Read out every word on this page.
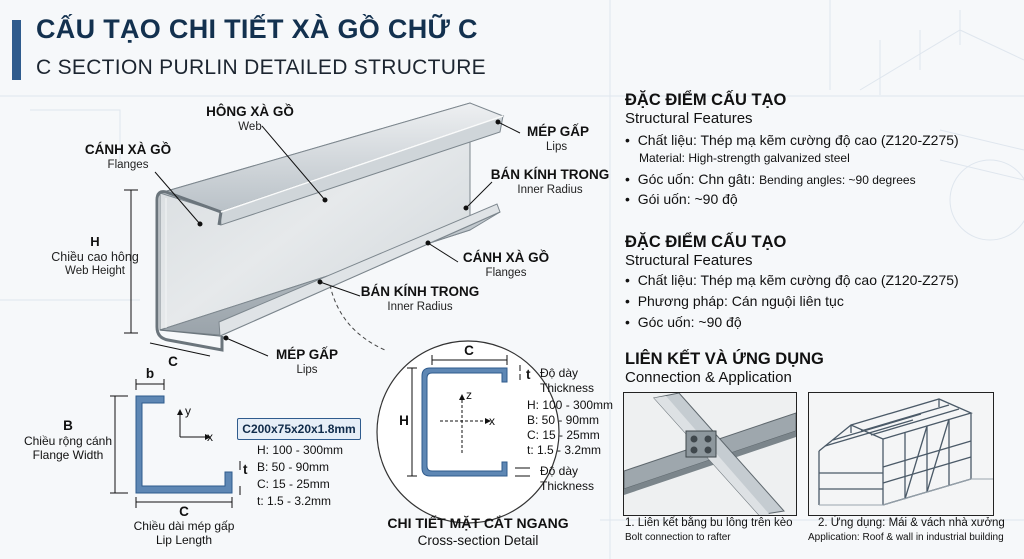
CẤU TẠO CHI TIẾT XÀ GỒ CHỮ C
C SECTION PURLIN DETAILED STRUCTURE
HÔNG XÀ GỒ
Web
CÁNH XÀ GỒ
Flanges
MÉP GẤP
Lips
BÁN KÍNH TRONG
Inner Radius
H
Chiều cao hông
Web Height
CÁNH XÀ GỒ
Flanges
BÁN KÍNH TRONG
Inner Radius
MÉP GẤP
Lips
C
b
y
x
B
Chiều rộng cánh
Flange Width
t
C
Chiều dài mép gấp
Lip Length
C200x75x20x1.8mm
H: 100 - 300mm
B: 50 - 90mm
C: 15 - 25mm
t: 1.5 - 3.2mm
C
H
z
x
t Độ dày
Thickness
H: 100 - 300mm
B: 50 - 90mm
C: 15 - 25mm
t: 1.5 - 3.2mm
Độ dày
Thickness
CHI TIẾT MẶT CẮT NGANG
Cross-section Detail
ĐẶC ĐIỂM CẤU TẠO
Structural Features
•  Chất liệu: Thép mạ kẽm cường độ cao (Z120-Z275)
Material: High-strength galvanized steel
•  Góc uốn: Chn gâtı: Bending angles: ~90 degrees
•  Gói uốn: ~90 độ
ĐẶC ĐIỂM CẤU TẠO
Structural Features
•  Chất liệu: Thép mạ kẽm cường độ cao (Z120-Z275)
•  Phương pháp: Cán nguội liên tục
•  Góc uốn: ~90 độ
LIÊN KẾT VÀ ỨNG DỤNG
Connection & Application
1. Liên kết bằng bu lông trên kèo
Bolt connection to rafter
2. Ứng dụng: Mái & vách nhà xưởng
Application: Roof & wall in industrial building
